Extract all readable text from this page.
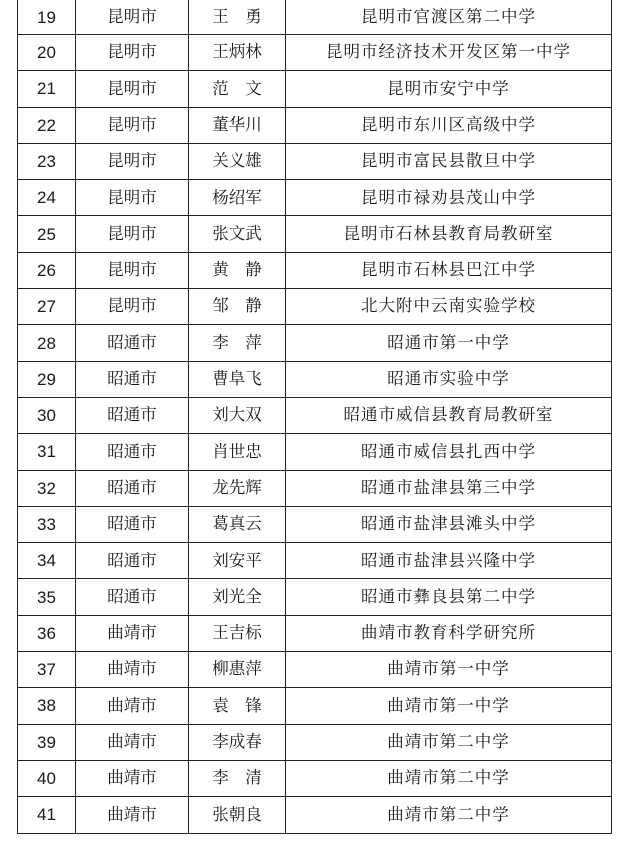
19	昆明市	王　勇	昆明市官渡区第二中学
20	昆明市	王炳林	昆明市经济技术开发区第一中学
21	昆明市	范　文	昆明市安宁中学
22	昆明市	董华川	昆明市东川区高级中学
23	昆明市	关义雄	昆明市富民县散旦中学
24	昆明市	杨绍军	昆明市禄劝县茂山中学
25	昆明市	张文武	昆明市石林县教育局教研室
26	昆明市	黄　静	昆明市石林县巴江中学
27	昆明市	邹　静	北大附中云南实验学校
28	昭通市	李　萍	昭通市第一中学
29	昭通市	曹阜飞	昭通市实验中学
30	昭通市	刘大双	昭通市威信县教育局教研室
31	昭通市	肖世忠	昭通市威信县扎西中学
32	昭通市	龙先辉	昭通市盐津县第三中学
33	昭通市	葛真云	昭通市盐津县滩头中学
34	昭通市	刘安平	昭通市盐津县兴隆中学
35	昭通市	刘光全	昭通市彝良县第二中学
36	曲靖市	王吉标	曲靖市教育科学研究所
37	曲靖市	柳惠萍	曲靖市第一中学
38	曲靖市	袁　锋	曲靖市第一中学
39	曲靖市	李成春	曲靖市第二中学
40	曲靖市	李　清	曲靖市第二中学
41	曲靖市	张朝良	曲靖市第二中学
